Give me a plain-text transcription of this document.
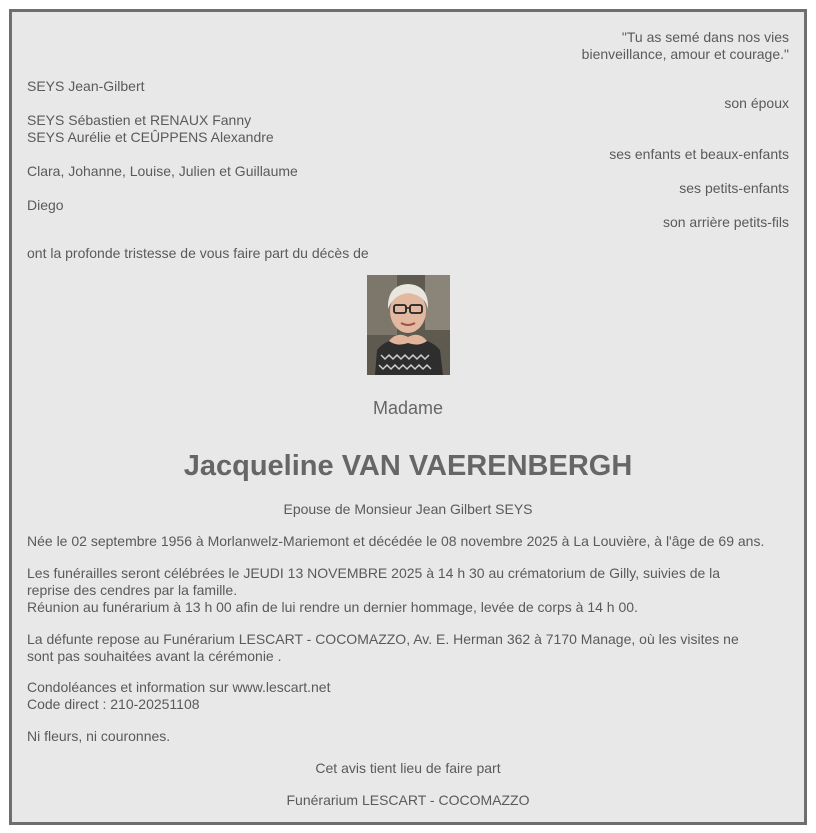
"Tu as semé dans nos vies
bienveillance, amour et courage."
SEYS Jean-Gilbert
son époux
SEYS Sébastien et RENAUX Fanny
SEYS Aurélie et CEÛPPENS Alexandre
ses enfants et beaux-enfants
Clara, Johanne, Louise, Julien et Guillaume
ses petits-enfants
Diego
son arrière petits-fils
ont la profonde tristesse de vous faire part du décès de
Madame
Jacqueline VAN VAERENBERGH
Epouse de Monsieur Jean Gilbert SEYS
Née le 02 septembre 1956 à Morlanwelz-Mariemont et décédée le 08 novembre 2025 à La Louvière, à l'âge de 69 ans.
Les funérailles seront célébrées le JEUDI 13 NOVEMBRE 2025 à 14 h 30 au crématorium de Gilly, suivies de la
reprise des cendres par la famille.
Réunion au funérarium à 13 h 00 afin de lui rendre un dernier hommage, levée de corps à 14 h 00.
La défunte repose au Funérarium LESCART - COCOMAZZO, Av. E. Herman 362 à 7170 Manage, où les visites ne
sont pas souhaitées avant la cérémonie .
Condoléances et information sur www.lescart.net
Code direct : 210-20251108
Ni fleurs, ni couronnes.
Cet avis tient lieu de faire part
Funérarium LESCART - COCOMAZZO
